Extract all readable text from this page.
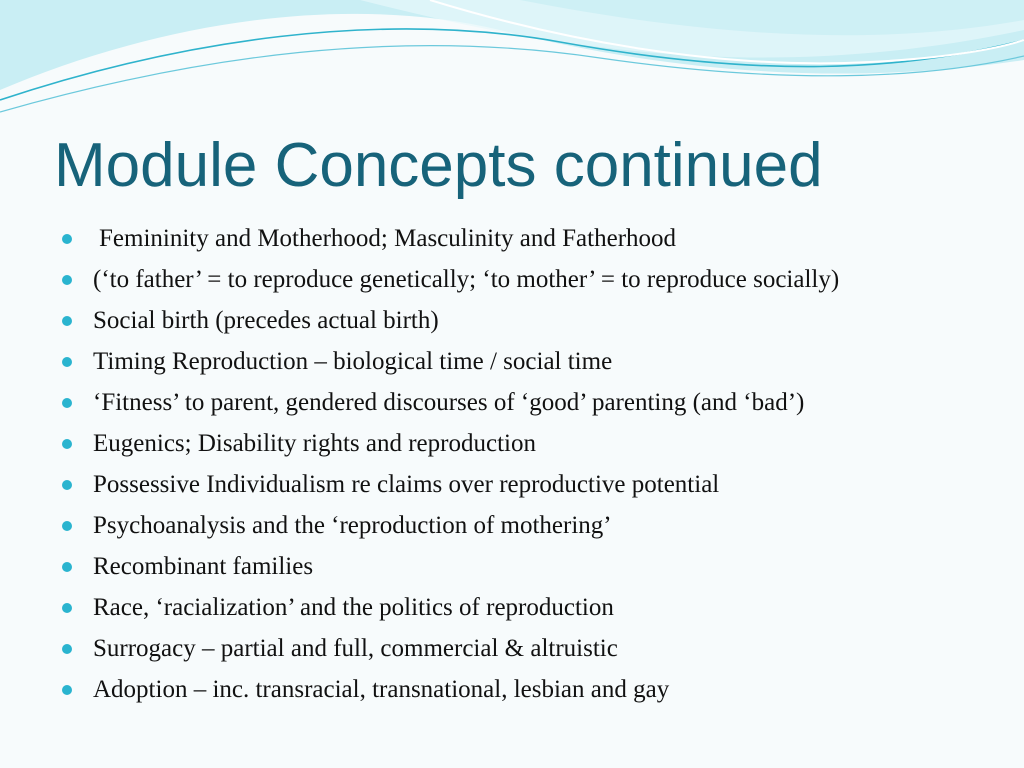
Module Concepts continued
Femininity and Motherhood; Masculinity and Fatherhood
(‘to father’ = to reproduce genetically; ‘to mother’ = to reproduce socially)
Social birth (precedes actual birth)
Timing Reproduction – biological time / social time
‘Fitness’ to parent, gendered discourses of ‘good’ parenting (and ‘bad’)
Eugenics; Disability rights and reproduction
Possessive Individualism re claims over reproductive potential
Psychoanalysis and the ‘reproduction of mothering’
Recombinant families
Race, ‘racialization’ and the politics of reproduction
Surrogacy – partial and full, commercial & altruistic
Adoption – inc. transracial, transnational, lesbian and gay
